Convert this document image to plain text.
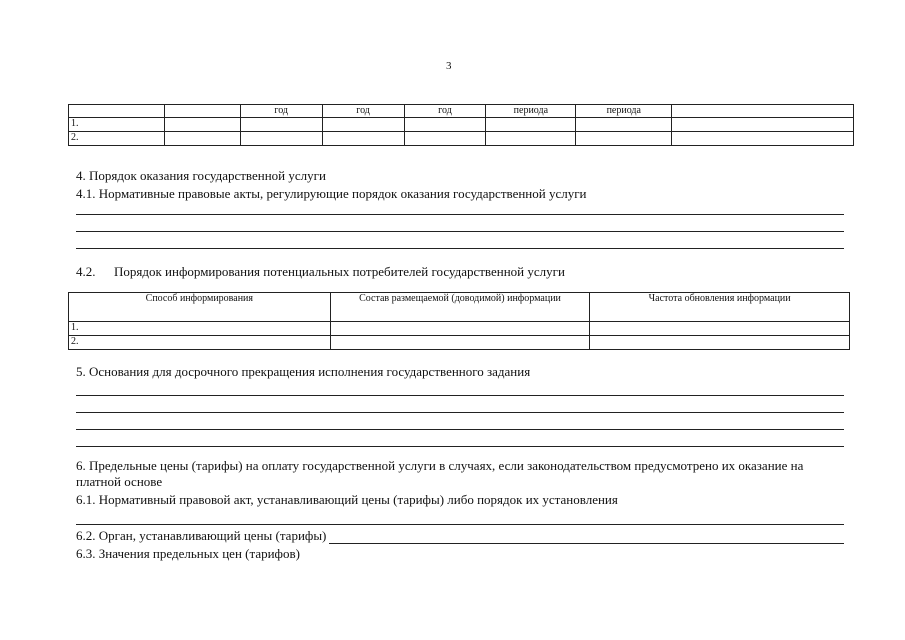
3
		год	год	год	периода	периода	
1.							
2.							
4. Порядок оказания государственной услуги
4.1. Нормативные правовые акты, регулирующие порядок оказания государственной услуги
4.2. Порядок информирования потенциальных потребителей государственной услуги
Способ информирования	Состав размещаемой (доводимой) информации	Частота обновления информации
1.		
2.		
5. Основания для досрочного прекращения исполнения государственного задания
6. Предельные цены (тарифы) на оплату государственной услуги в случаях, если законодательством предусмотрено их оказание на платной основе
6.1. Нормативный правовой акт, устанавливающий цены (тарифы) либо порядок их установления
6.2. Орган, устанавливающий цены (тарифы)
6.3. Значения предельных цен (тарифов)
